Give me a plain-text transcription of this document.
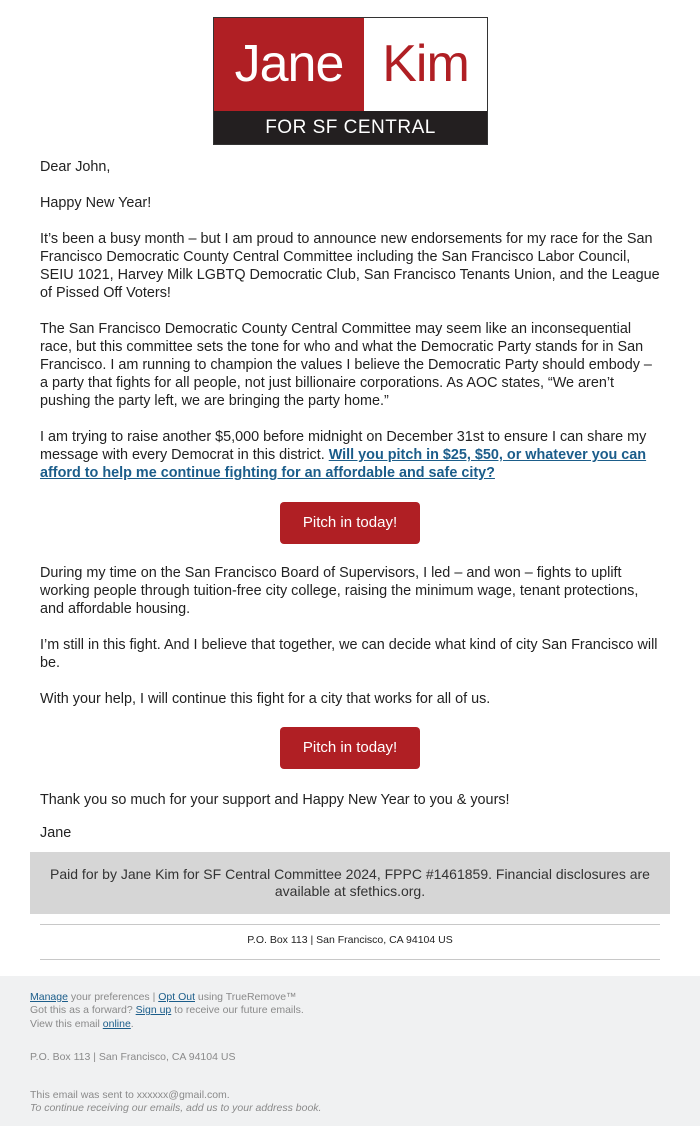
Jane Kim
FOR SF CENTRAL COMMITTEE

Dear John,

Happy New Year!

It’s been a busy month – but I am proud to announce new endorsements for my race for the San Francisco Democratic County Central Committee including the San Francisco Labor Council, SEIU 1021, Harvey Milk LGBTQ Democratic Club, San Francisco Tenants Union, and the League of Pissed Off Voters!

The San Francisco Democratic County Central Committee may seem like an inconsequential race, but this committee sets the tone for who and what the Democratic Party stands for in San Francisco. I am running to champion the values I believe the Democratic Party should embody – a party that fights for all people, not just billionaire corporations. As AOC states, “We aren’t pushing the party left, we are bringing the party home.”

I am trying to raise another $5,000 before midnight on December 31st to ensure I can share my message with every Democrat in this district. Will you pitch in $25, $50, or whatever you can afford to help me continue fighting for an affordable and safe city?

Pitch in today!

During my time on the San Francisco Board of Supervisors, I led – and won – fights to uplift working people through tuition-free city college, raising the minimum wage, tenant protections, and affordable housing.

I’m still in this fight. And I believe that together, we can decide what kind of city San Francisco will be.

With your help, I will continue this fight for a city that works for all of us.

Pitch in today!

Thank you so much for your support and Happy New Year to you & yours!

Jane

Paid for by Jane Kim for SF Central Committee 2024, FPPC #1461859. Financial disclosures are available at sfethics.org.
P.O. Box 113 | San Francisco, CA 94104 US
Manage your preferences | Opt Out using TrueRemove™
Got this as a forward? Sign up to receive our future emails.
View this email online.
P.O. Box 113 | San Francisco, CA 94104 US
This email was sent to xxxxxx@gmail.com.
To continue receiving our emails, add us to your address book.
